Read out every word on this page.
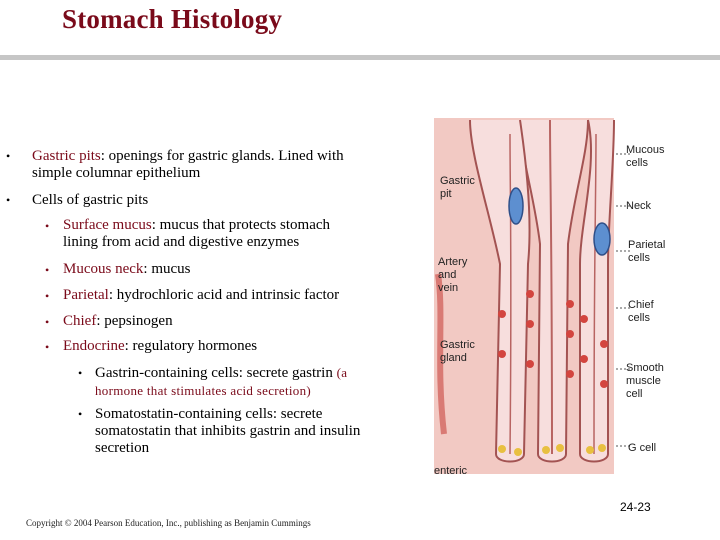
Stomach Histology
• Gastric pits: openings for gastric glands. Lined with
simple columnar epithelium
• Cells of gastric pits
• Surface mucus: mucus that protects stomach
lining from acid and digestive enzymes
• Mucous neck: mucus
• Parietal: hydrochloric acid and intrinsic factor
• Chief: pepsinogen
• Endocrine: regulatory hormones
• Gastrin-containing cells: secrete gastrin (a
hormone that stimulates acid secretion)
• Somatostatin-containing cells: secrete
somatostatin that inhibits gastrin and insulin
secretion
Gastric
pit
Artery
and
vein
Gastric
gland
enteric
Mucous
cells
Neck
Parietal
cells
Chief
cells
Smooth
muscle
cell
G cell
24-23
Copyright © 2004 Pearson Education, Inc., publishing as Benjamin Cummings
